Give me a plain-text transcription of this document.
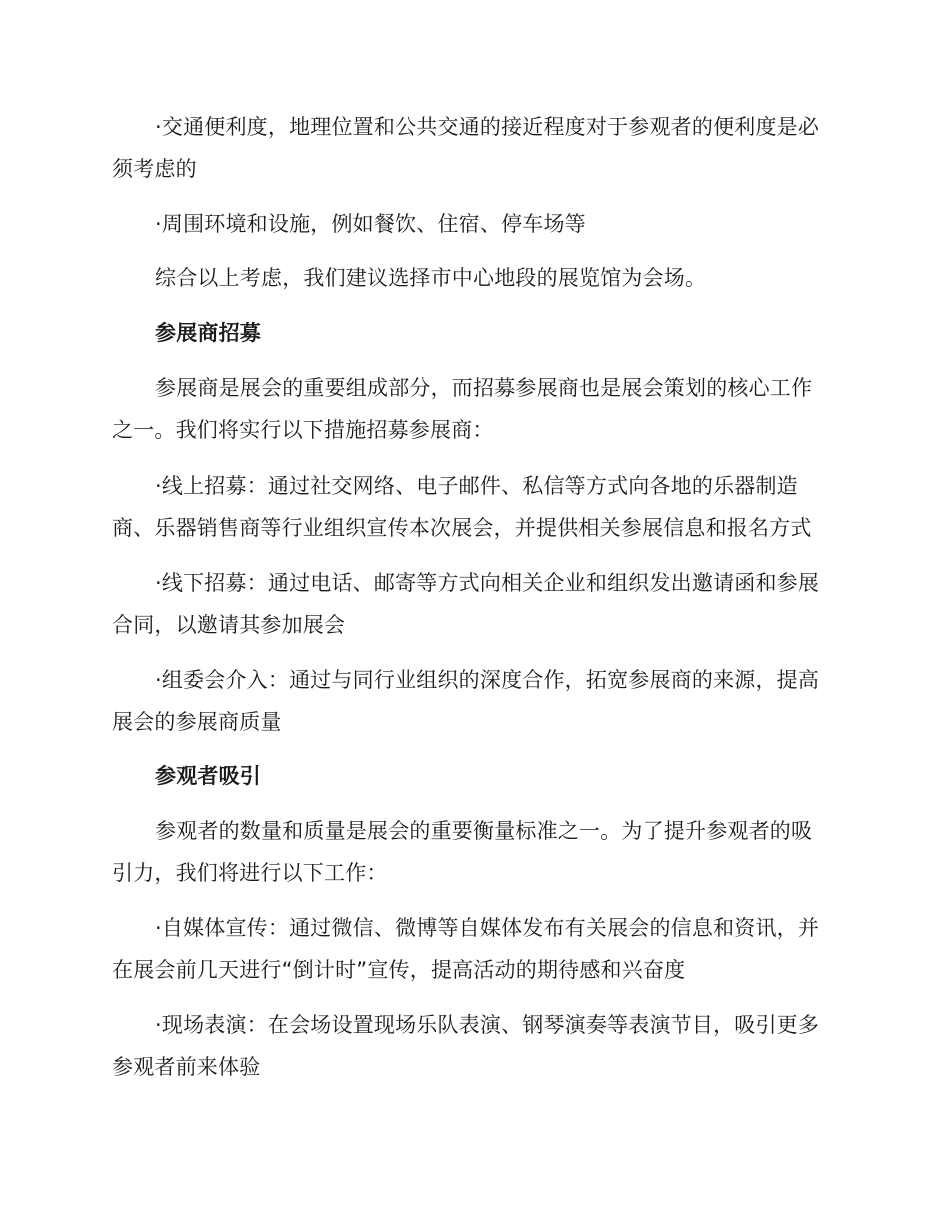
·交通便利度，地理位置和公共交通的接近程度对于参观者的便利度是必须考虑的

·周围环境和设施，例如餐饮、住宿、停车场等

综合以上考虑，我们建议选择市中心地段的展览馆为会场。

参展商招募

参展商是展会的重要组成部分，而招募参展商也是展会策划的核心工作之一。我们将实行以下措施招募参展商：

·线上招募：通过社交网络、电子邮件、私信等方式向各地的乐器制造商、乐器销售商等行业组织宣传本次展会，并提供相关参展信息和报名方式

·线下招募：通过电话、邮寄等方式向相关企业和组织发出邀请函和参展合同，以邀请其参加展会

·组委会介入：通过与同行业组织的深度合作，拓宽参展商的来源，提高展会的参展商质量

参观者吸引

参观者的数量和质量是展会的重要衡量标准之一。为了提升参观者的吸引力，我们将进行以下工作：

·自媒体宣传：通过微信、微博等自媒体发布有关展会的信息和资讯，并在展会前几天进行“倒计时”宣传，提高活动的期待感和兴奋度

·现场表演：在会场设置现场乐队表演、钢琴演奏等表演节目，吸引更多参观者前来体验
